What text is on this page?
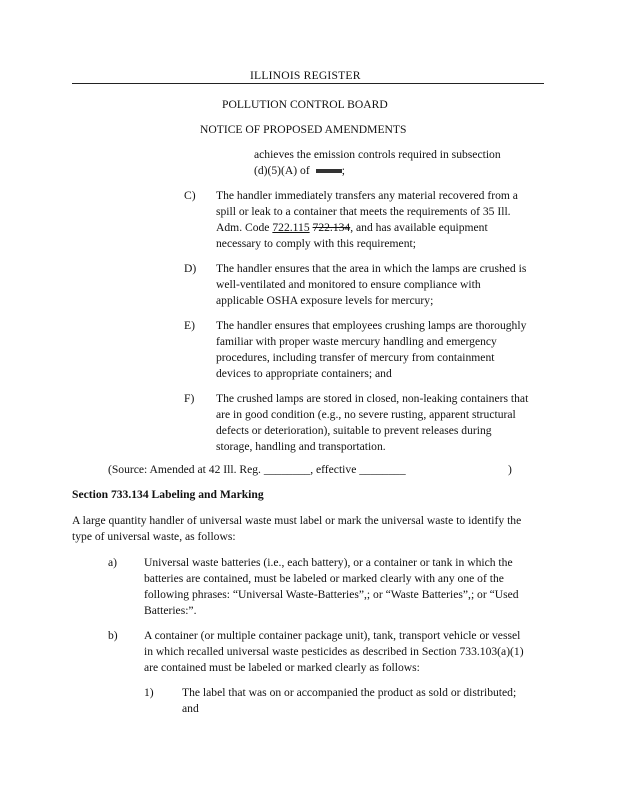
ILLINOIS REGISTER
POLLUTION CONTROL BOARD
NOTICE OF PROPOSED AMENDMENTS
achieves the emission controls required in subsection
(d)(5)(A) of	;
C) The handler immediately transfers any material recovered from a
spill or leak to a container that meets the requirements of 35 Ill.
Adm. Code 722.115 722.134, and has available equipment
necessary to comply with this requirement;
D) The handler ensures that the area in which the lamps are crushed is
well-ventilated and monitored to ensure compliance with
applicable OSHA exposure levels for mercury;
E) The handler ensures that employees crushing lamps are thoroughly
familiar with proper waste mercury handling and emergency
procedures, including transfer of mercury from containment
devices to appropriate containers; and
F) The crushed lamps are stored in closed, non-leaking containers that
are in good condition (e.g., no severe rusting, apparent structural
defects or deterioration), suitable to prevent releases during
storage, handling and transportation.
(Source: Amended at 42 Ill. Reg. ________, effective ________	)
Section 733.134 Labeling and Marking
A large quantity handler of universal waste must label or mark the universal waste to identify the
type of universal waste, as follows:
a) Universal waste batteries (i.e., each battery), or a container or tank in which the
batteries are contained, must be labeled or marked clearly with any one of the
following phrases: “Universal Waste-Batteries”,; or “Waste Batteries”,; or “Used
Batteries:”.
b) A container (or multiple container package unit), tank, transport vehicle or vessel
in which recalled universal waste pesticides as described in Section 733.103(a)(1)
are contained must be labeled or marked clearly as follows:
1) The label that was on or accompanied the product as sold or distributed;
and
